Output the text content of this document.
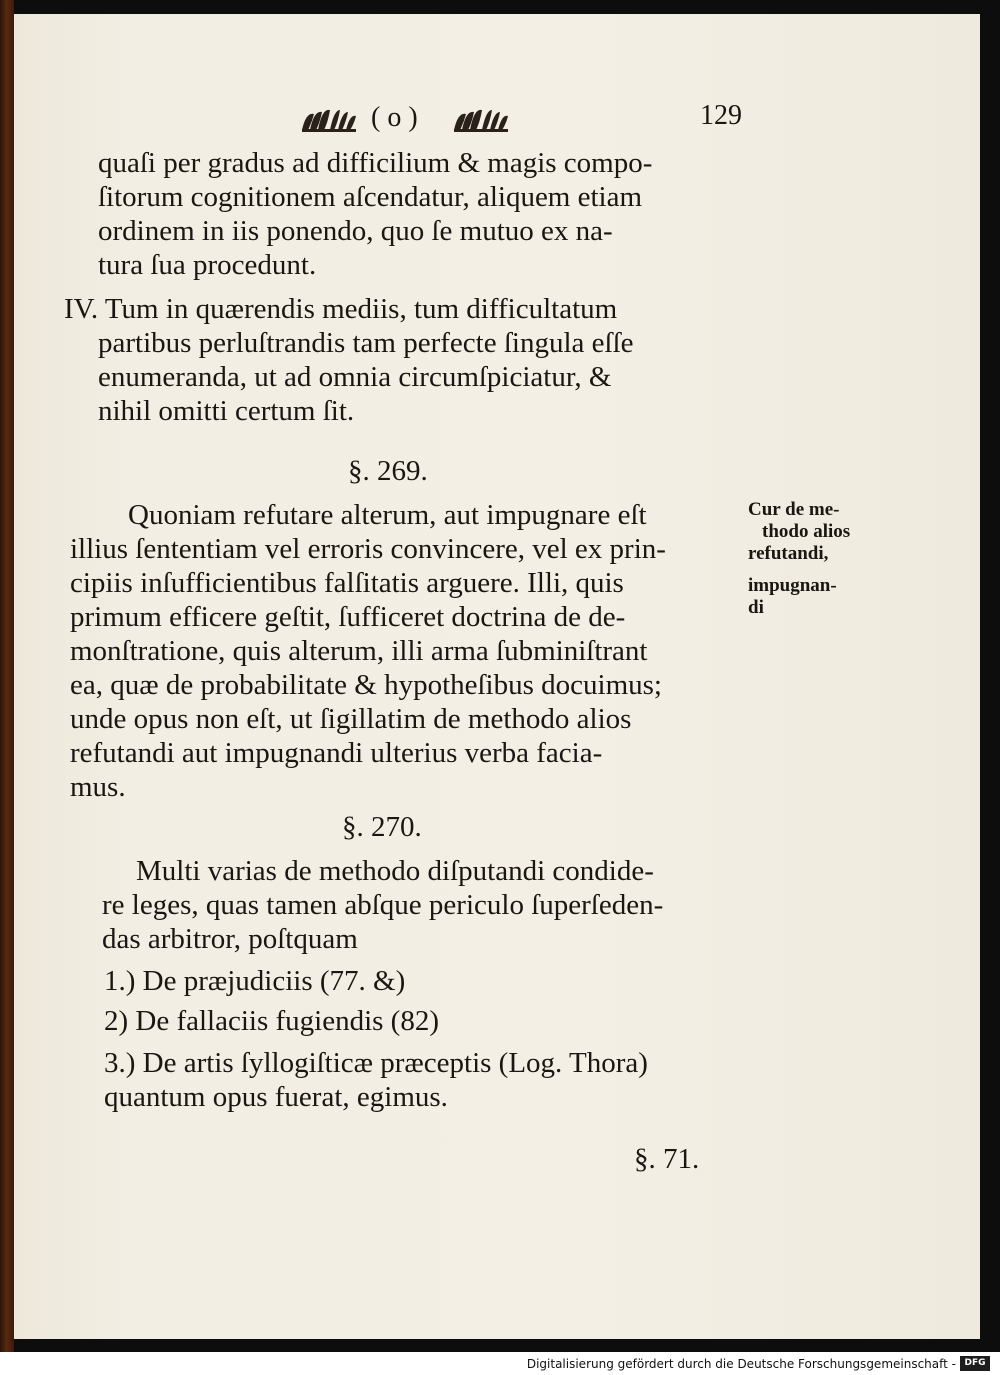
( o )	129
quaſi per gradus ad difficilium & magis compo-
ſitorum cognitionem aſcendatur, aliquem etiam
ordinem in iis ponendo, quo ſe mutuo ex na-
tura ſua procedunt.
IV. Tum in quærendis mediis, tum difficultatum
partibus perluſtrandis tam perfecte ſingula eſſe
enumeranda, ut ad omnia circumſpiciatur, &
nihil omitti certum ſit.
§. 269.
Quoniam refutare alterum, aut impugnare eſt
illius ſententiam vel erroris convincere, vel ex prin-
cipiis inſufficientibus falſitatis arguere. Illi, quis
primum efficere geſtit, ſufficeret doctrina de de-
monſtratione, quis alterum, illi arma ſubminiſtrant
ea, quæ de probabilitate & hypotheſibus docuimus;
unde opus non eſt, ut ſigillatim de methodo alios
refutandi aut impugnandi ulterius verba facia-
mus.
Cur de me-
thodo alios
refutandi,
impugnan-
di
§. 270.
Multi varias de methodo diſputandi condide-
re leges, quas tamen abſque periculo ſuperſeden-
das arbitror, poſtquam
1.) De præjudiciis (77. &)
2) De fallaciis fugiendis (82)
3.) De artis ſyllogiſticæ præceptis (Log. Thora)
quantum opus fuerat, egimus.
§. 71.
Digitalisierung gefördert durch die Deutsche Forschungsgemeinschaft - DFG
